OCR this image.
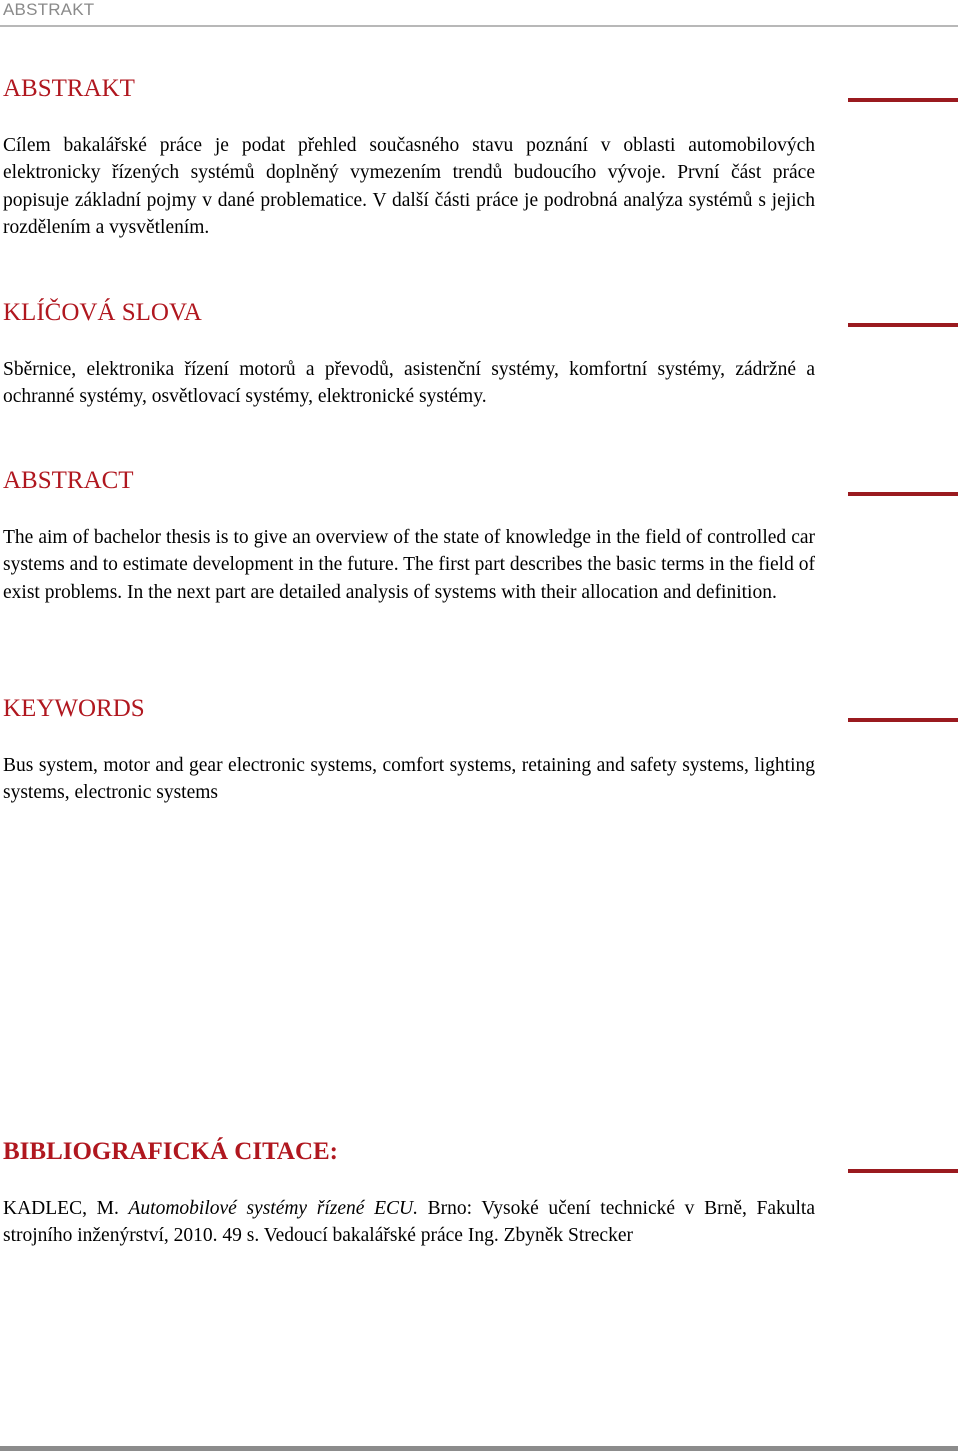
ABSTRAKT
ABSTRAKT

Cílem bakalářské práce je podat přehled současného stavu poznání v oblasti automobilových elektronicky řízených systémů doplněný vymezením trendů budoucího vývoje. První část práce popisuje základní pojmy v dané problematice. V další části práce je podrobná analýza systémů s jejich rozdělením a vysvětlením.

KLÍČOVÁ SLOVA

Sběrnice, elektronika řízení motorů a převodů, asistenční systémy, komfortní systémy, zádržné a ochranné systémy, osvětlovací systémy, elektronické systémy.

ABSTRACT

The aim of bachelor thesis is to give an overview of the state of knowledge in the field of controlled car systems and to estimate development in the future. The first part describes the basic terms in the field of exist problems. In the next part are detailed analysis of systems with their allocation and definition.

KEYWORDS

Bus system, motor and gear electronic systems, comfort systems, retaining and safety systems, lighting systems, electronic systems

BIBLIOGRAFICKÁ CITACE:

KADLEC, M. Automobilové systémy řízené ECU. Brno: Vysoké učení technické v Brně, Fakulta strojního inženýrství, 2010. 49 s. Vedoucí bakalářské práce Ing. Zbyněk Strecker
